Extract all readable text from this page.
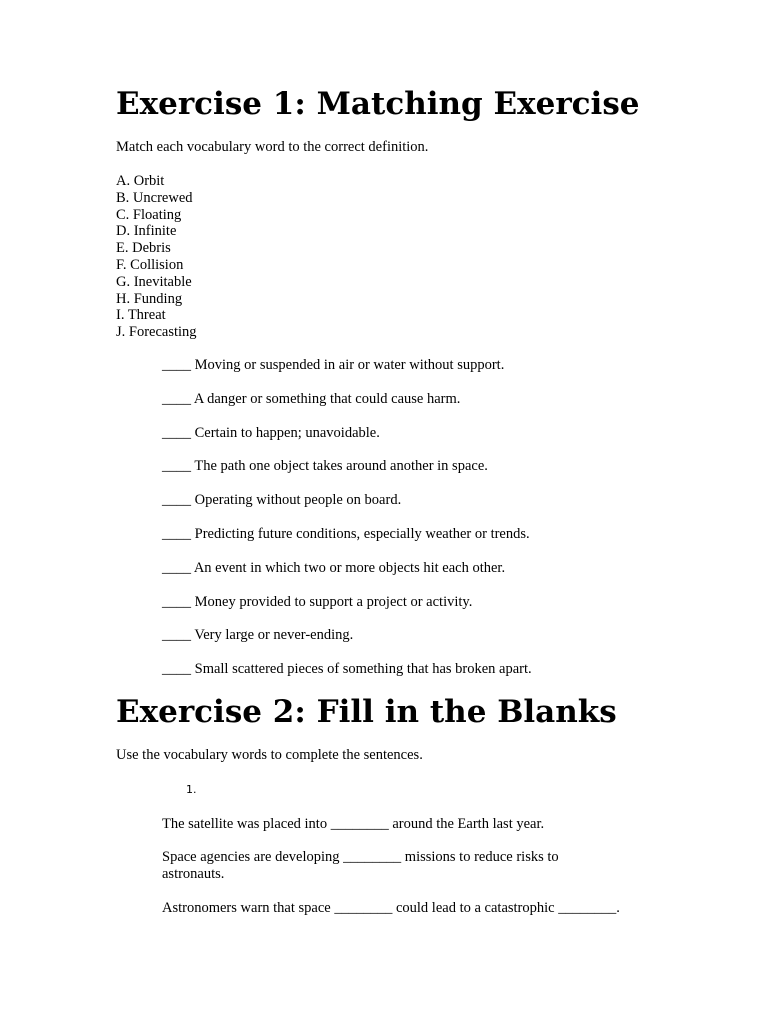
Exercise 1: Matching Exercise

Match each vocabulary word to the correct definition.

A. Orbit
B. Uncrewed
C. Floating
D. Infinite
E. Debris
F. Collision
G. Inevitable
H. Funding
I. Threat
J. Forecasting

____ Moving or suspended in air or water without support.

____ A danger or something that could cause harm.

____ Certain to happen; unavoidable.

____ The path one object takes around another in space.

____ Operating without people on board.

____ Predicting future conditions, especially weather or trends.

____ An event in which two or more objects hit each other.

____ Money provided to support a project or activity.

____ Very large or never-ending.

____ Small scattered pieces of something that has broken apart.

Exercise 2: Fill in the Blanks

Use the vocabulary words to complete the sentences.

1.

The satellite was placed into ________ around the Earth last year.

Space agencies are developing ________ missions to reduce risks to

astronauts.

Astronomers warn that space ________ could lead to a catastrophic ________.
